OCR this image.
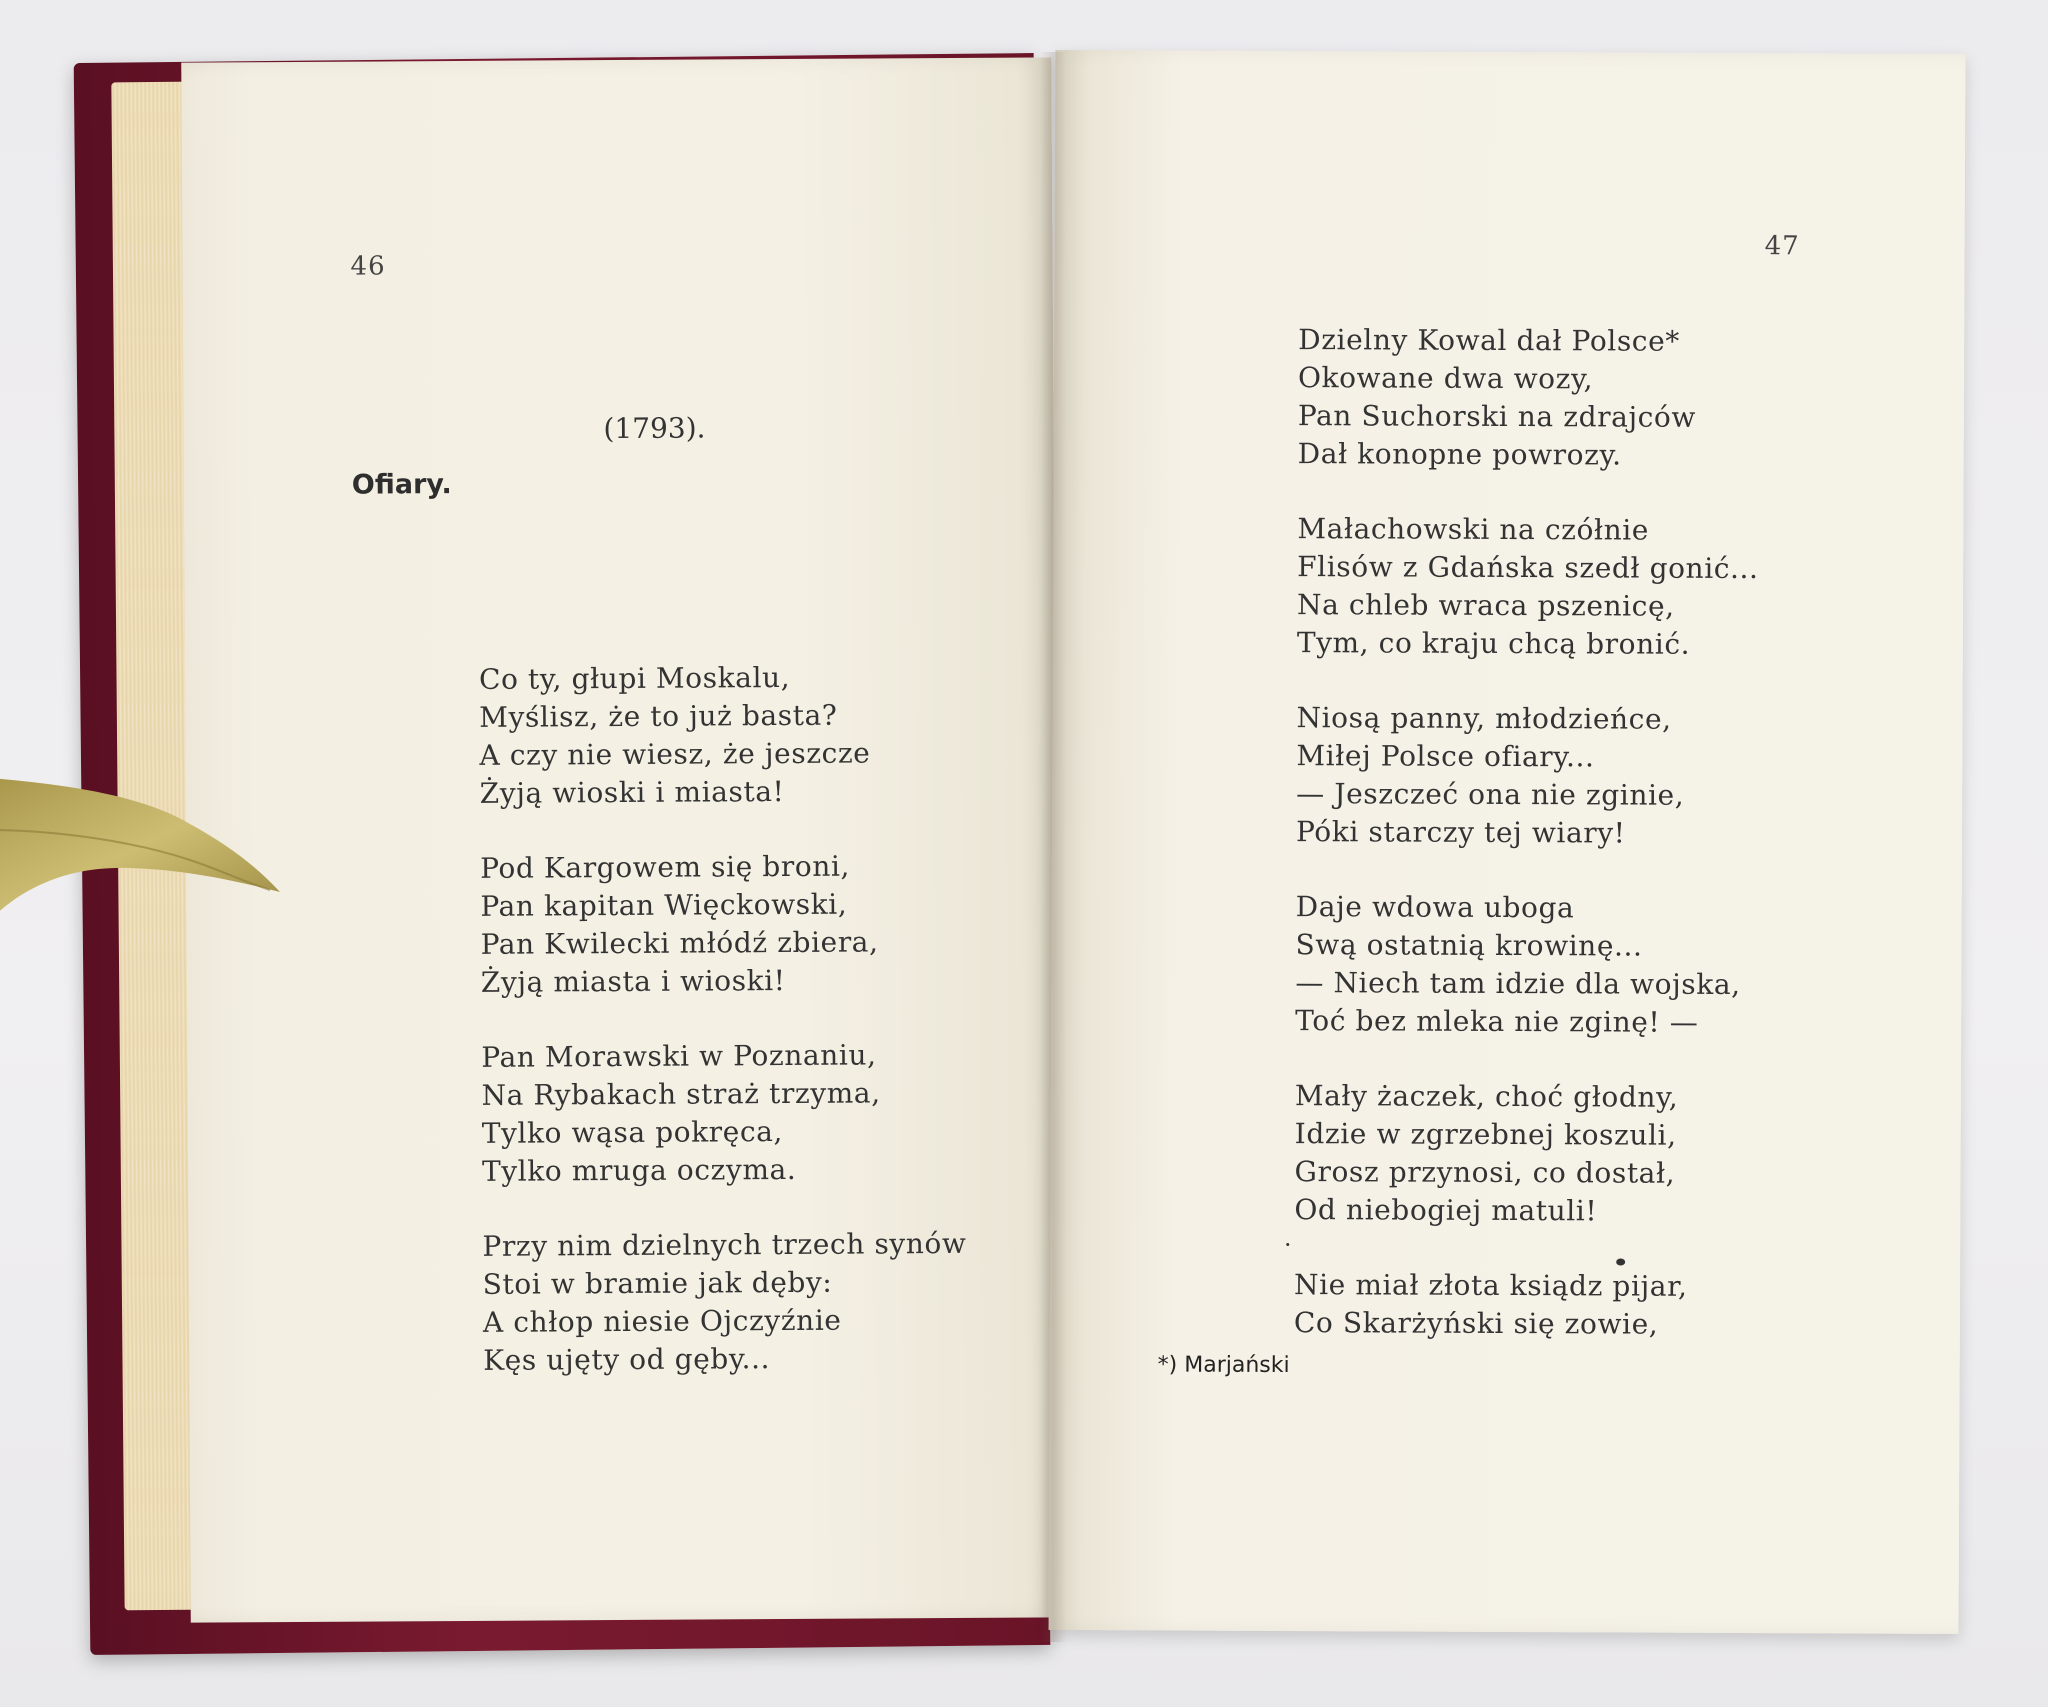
46
(1793).
Ofiary.
Co ty, głupi Moskalu,
Myślisz, że to już basta?
A czy nie wiesz, że jeszcze
Żyją wioski i miasta!
Pod Kargowem się broni,
Pan kapitan Więckowski,
Pan Kwilecki młódź zbiera,
Żyją miasta i wioski!
Pan Morawski w Poznaniu,
Na Rybakach straż trzyma,
Tylko wąsa pokręca,
Tylko mruga oczyma.
Przy nim dzielnych trzech synów
Stoi w bramie jak dęby:
A chłop niesie Ojczyźnie
Kęs ujęty od gęby...
47
Dzielny Kowal dał Polsce*
Okowane dwa wozy,
Pan Suchorski na zdrajców
Dał konopne powrozy.
Małachowski na czółnie
Flisów z Gdańska szedł gonić...
Na chleb wraca pszenicę,
Tym, co kraju chcą bronić.
Niosą panny, młodzieńce,
Miłej Polsce ofiary...
— Jeszczeć ona nie zginie,
Póki starczy tej wiary!
Daje wdowa uboga
Swą ostatnią krowinę...
— Niech tam idzie dla wojska,
Toć bez mleka nie zginę! —
Mały żaczek, choć głodny,
Idzie w zgrzebnej koszuli,
Grosz przynosi, co dostał,
Od niebogiej matuli!
Nie miał złota ksiądz pijar,
Co Skarżyński się zowie,
*) Marjański
